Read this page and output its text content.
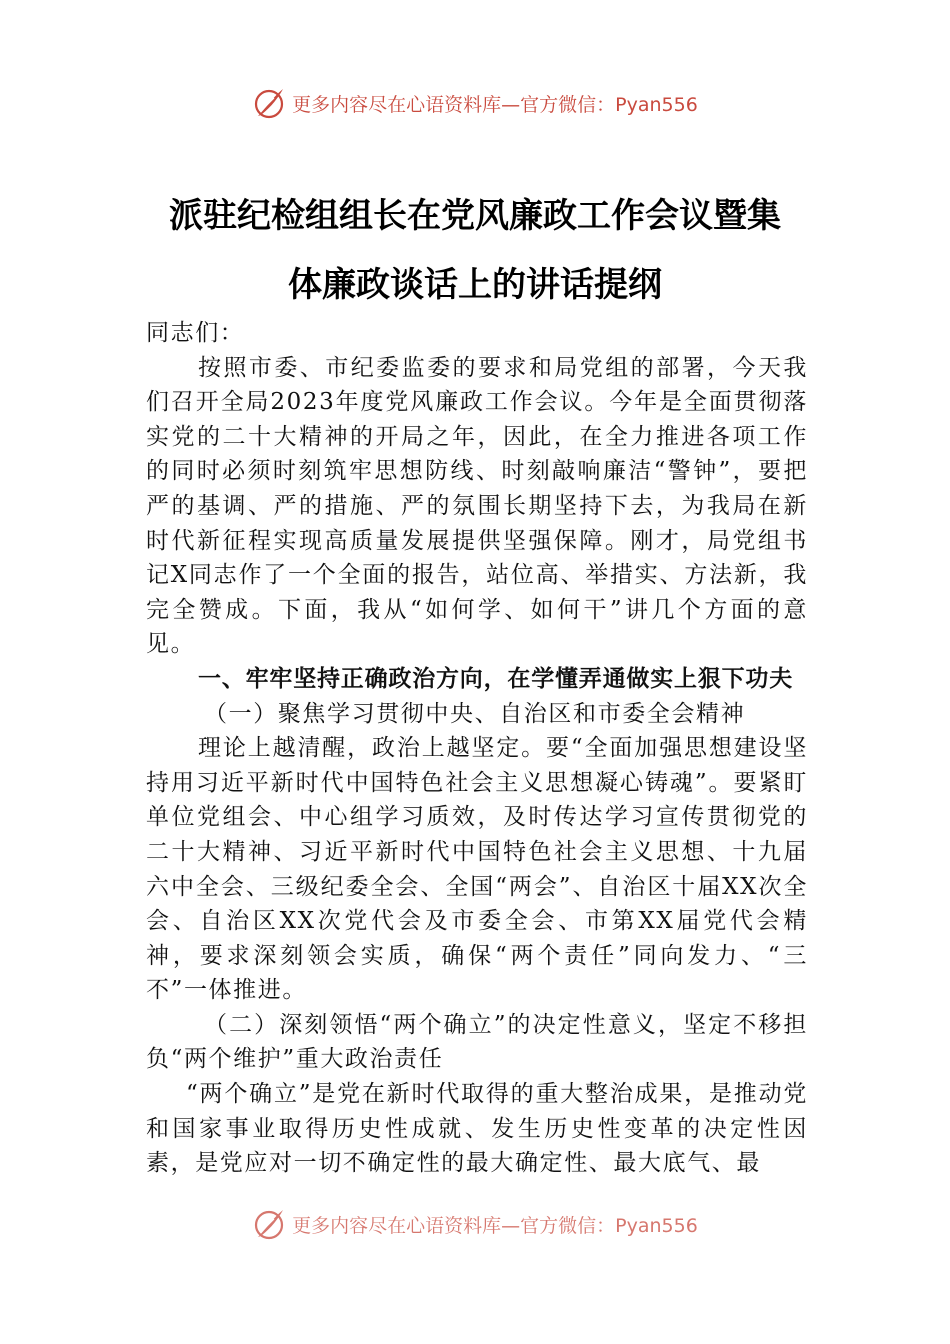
更多内容尽在心语资料库—官方微信：Pyan556
派驻纪检组组长在党风廉政工作会议暨集
体廉政谈话上的讲话提纲

同志们：

按照市委、市纪委监委的要求和局党组的部署，今天我们召开全局2023年度党风廉政工作会议。今年是全面贯彻落实党的二十大精神的开局之年，因此，在全力推进各项工作的同时必须时刻筑牢思想防线、时刻敲响廉洁“警钟”，要把严的基调、严的措施、严的氛围长期坚持下去，为我局在新时代新征程实现高质量发展提供坚强保障。刚才，局党组书记X同志作了一个全面的报告，站位高、举措实、方法新，我完全赞成。下面，我从“如何学、如何干”讲几个方面的意见。

一、牢牢坚持正确政治方向，在学懂弄通做实上狠下功夫

（一）聚焦学习贯彻中央、自治区和市委全会精神

理论上越清醒，政治上越坚定。要“全面加强思想建设坚持用习近平新时代中国特色社会主义思想凝心铸魂”。要紧盯单位党组会、中心组学习质效，及时传达学习宣传贯彻党的二十大精神、习近平新时代中国特色社会主义思想、十九届六中全会、三级纪委全会、全国“两会”、自治区十届XX次全会、自治区XX次党代会及市委全会、市第XX届党代会精神，要求深刻领会实质，确保“两个责任”同向发力、“三不”一体推进。

（二）深刻领悟“两个确立”的决定性意义，坚定不移担负“两个维护”重大政治责任

“两个确立”是党在新时代取得的重大整治成果，是推动党和国家事业取得历史性成就、发生历史性变革的决定性因素，是党应对一切不确定性的最大确定性、最大底气、最

更多内容尽在心语资料库—官方微信：Pyan556
